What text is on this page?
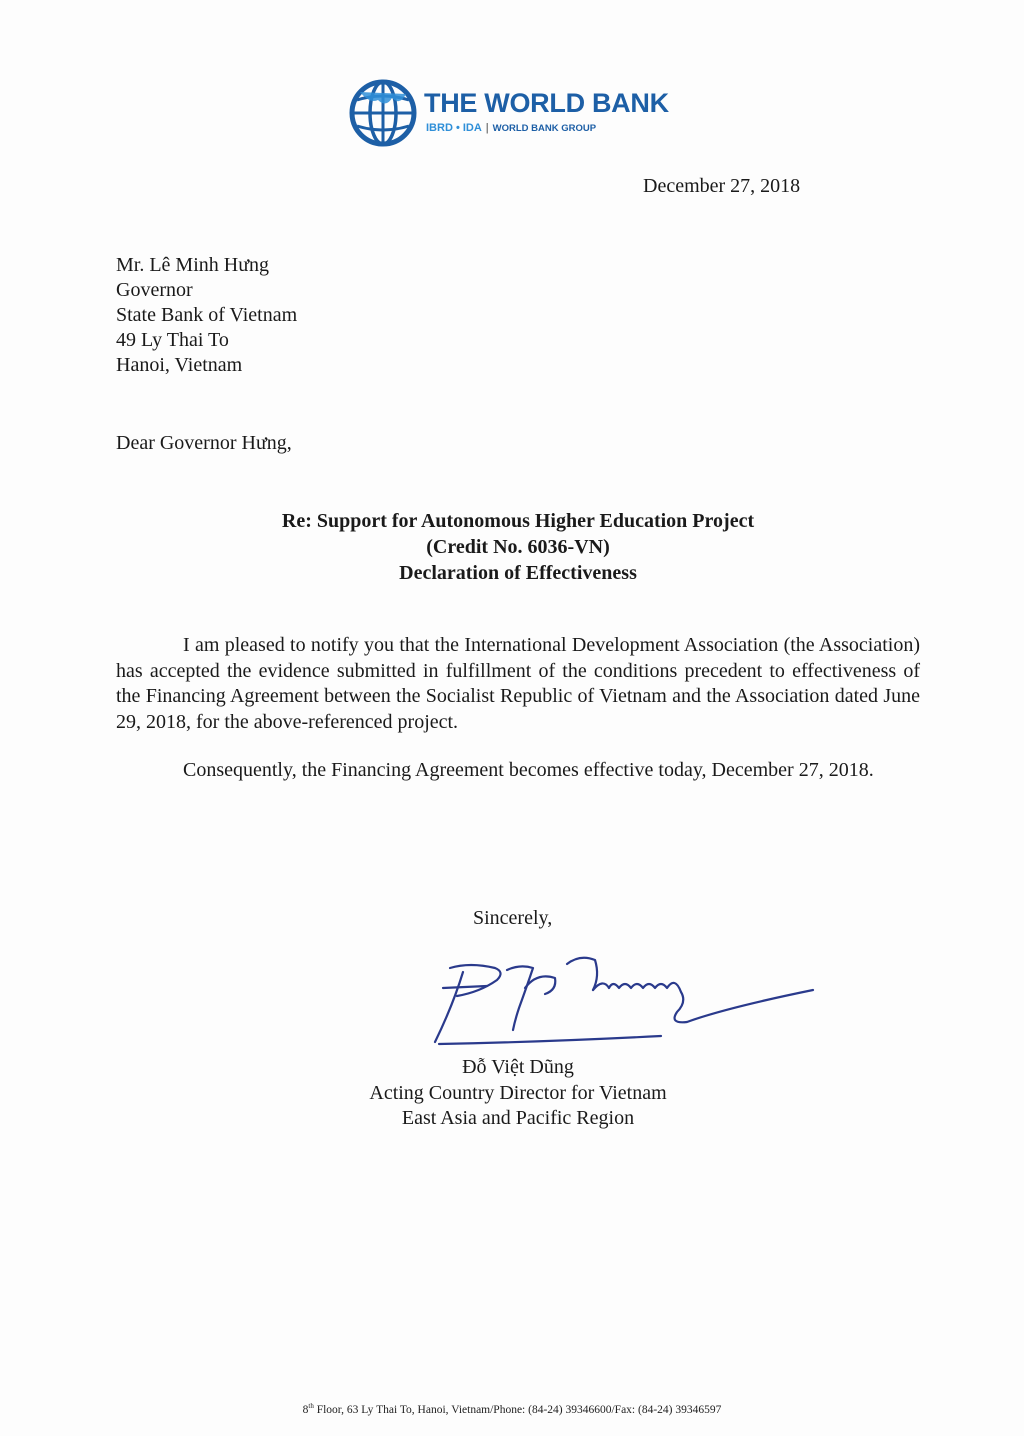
THE WORLD BANK
IBRD • IDA | WORLD BANK GROUP
December 27, 2018
Mr. Lê Minh Hưng
Governor
State Bank of Vietnam
49 Ly Thai To
Hanoi, Vietnam
Dear Governor Hưng,
Re: Support for Autonomous Higher Education Project
(Credit No. 6036-VN)
Declaration of Effectiveness
I am pleased to notify you that the International Development Association (the Association) has accepted the evidence submitted in fulfillment of the conditions precedent to effectiveness of the Financing Agreement between the Socialist Republic of Vietnam and the Association dated June 29, 2018, for the above-referenced project.
Consequently, the Financing Agreement becomes effective today, December 27, 2018.
Sincerely,
Đỗ Việt Dũng
Acting Country Director for Vietnam
East Asia and Pacific Region
8th Floor, 63 Ly Thai To, Hanoi, Vietnam/Phone: (84-24) 39346600/Fax: (84-24) 39346597
